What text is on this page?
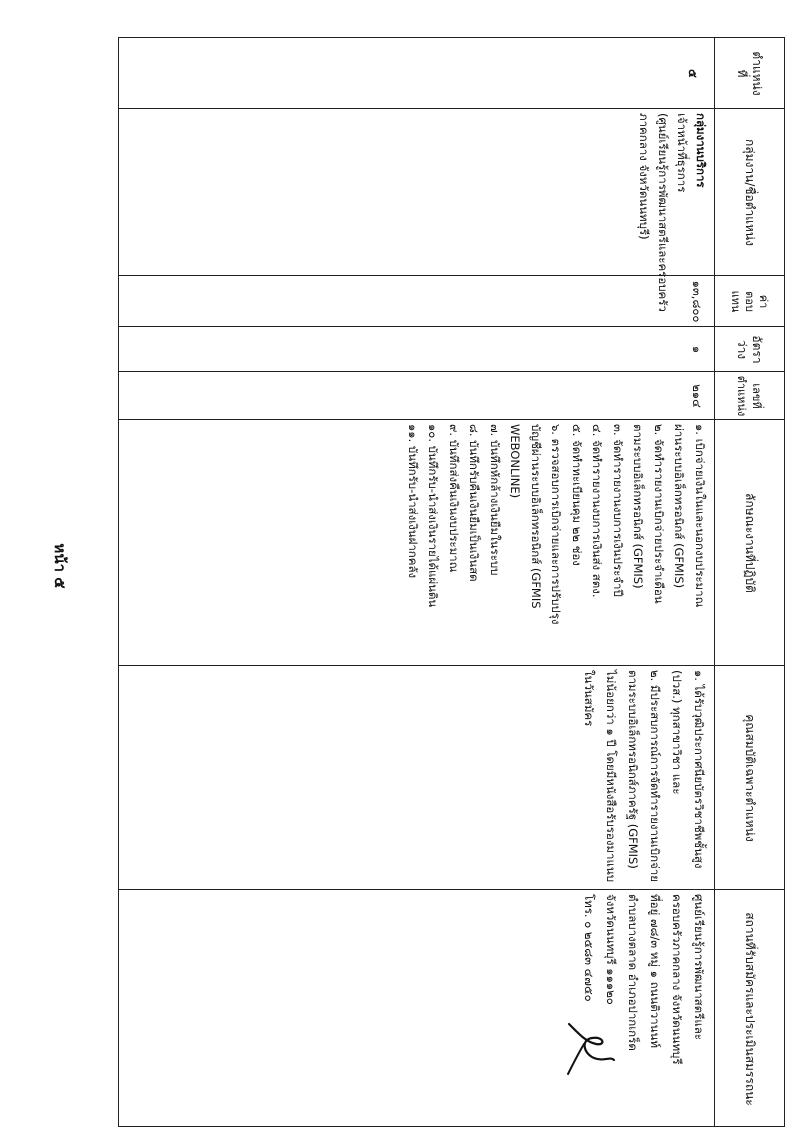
หน้า ๕
ตำแหน่ง
ที่
กลุ่มงาน/ชื่อตำแหน่ง
ค่า
ตอบ
แทน
อัตรา
ว่าง
เลขที่
ตำแหน่ง
ลักษณะงานที่ปฏิบัติ
คุณสมบัติเฉพาะตำแหน่ง
สถานที่รับสมัครและประเมินสมรรถนะ
๕
กลุ่มงานบริการ
เจ้าหน้าที่ธุรการ
(ศูนย์เรียนรู้การพัฒนาสตรีและครอบครัว
ภาคกลาง จังหวัดนนทบุรี)
๑๓,๘๐๐
๑
๒๑๔
๑. เบิกจ่ายเงินในและนอกงบประมาณ
ผ่านระบบอิเล็กทรอนิกส์ (GFMIS)
๒. จัดทำรายงานเบิกจ่ายประจำเดือน
ตามระบบอิเล็กทรอนิกส์ (GFMIS)
๓. จัดทำรายงานงบการเงินประจำปี
๔. จัดทำรายงานงบการเงินส่ง สตง.
๕. จัดทำทะเบียนคุม ๒๒ ช่อง
๖. ตรวจสอบการเบิกจ่ายและการปรับปรุง
บัญชีผ่านระบบอิเล็กทรอนิกส์ (GFMIS
WEBONLINE)
๗. บันทึกหักล้างเงินยืมในระบบ
๘. บันทึกรับคืนเงินยืมเป็นเงินสด
๙. บันทึกส่งคืนเงินงบประมาณ
๑๐. บันทึกรับ-นำส่งเงินรายได้แผ่นดิน
๑๑. บันทึกรับ-นำส่งเงินฝากคลัง
๑. ได้รับวุฒิประกาศนียบัตรวิชาชีพชั้นสูง
(ปวส.) ทุกสาขาวิชา และ
๒. มีประสบการณ์การจัดทำรายงานเบิกจ่าย
ตามระบบอิเล็กทรอนิกส์ภาครัฐ (GFMIS)
ไม่น้อยกว่า ๑ ปี โดยมีหนังสือรับรองมาแนบ
ในวันสมัคร
ศูนย์เรียนรู้การพัฒนาสตรีและ
ครอบครัวภาคกลาง จังหวัดนนทบุรี
ที่อยู่ ๗๘/๓ หมู่ ๑ ถนนติวานนท์
ตำบลบางตลาด อำเภอปากเกร็ด
จังหวัดนนทบุรี ๑๑๑๒๐
โทร. ๐ ๒๕๘๓ ๔๗๕๐
